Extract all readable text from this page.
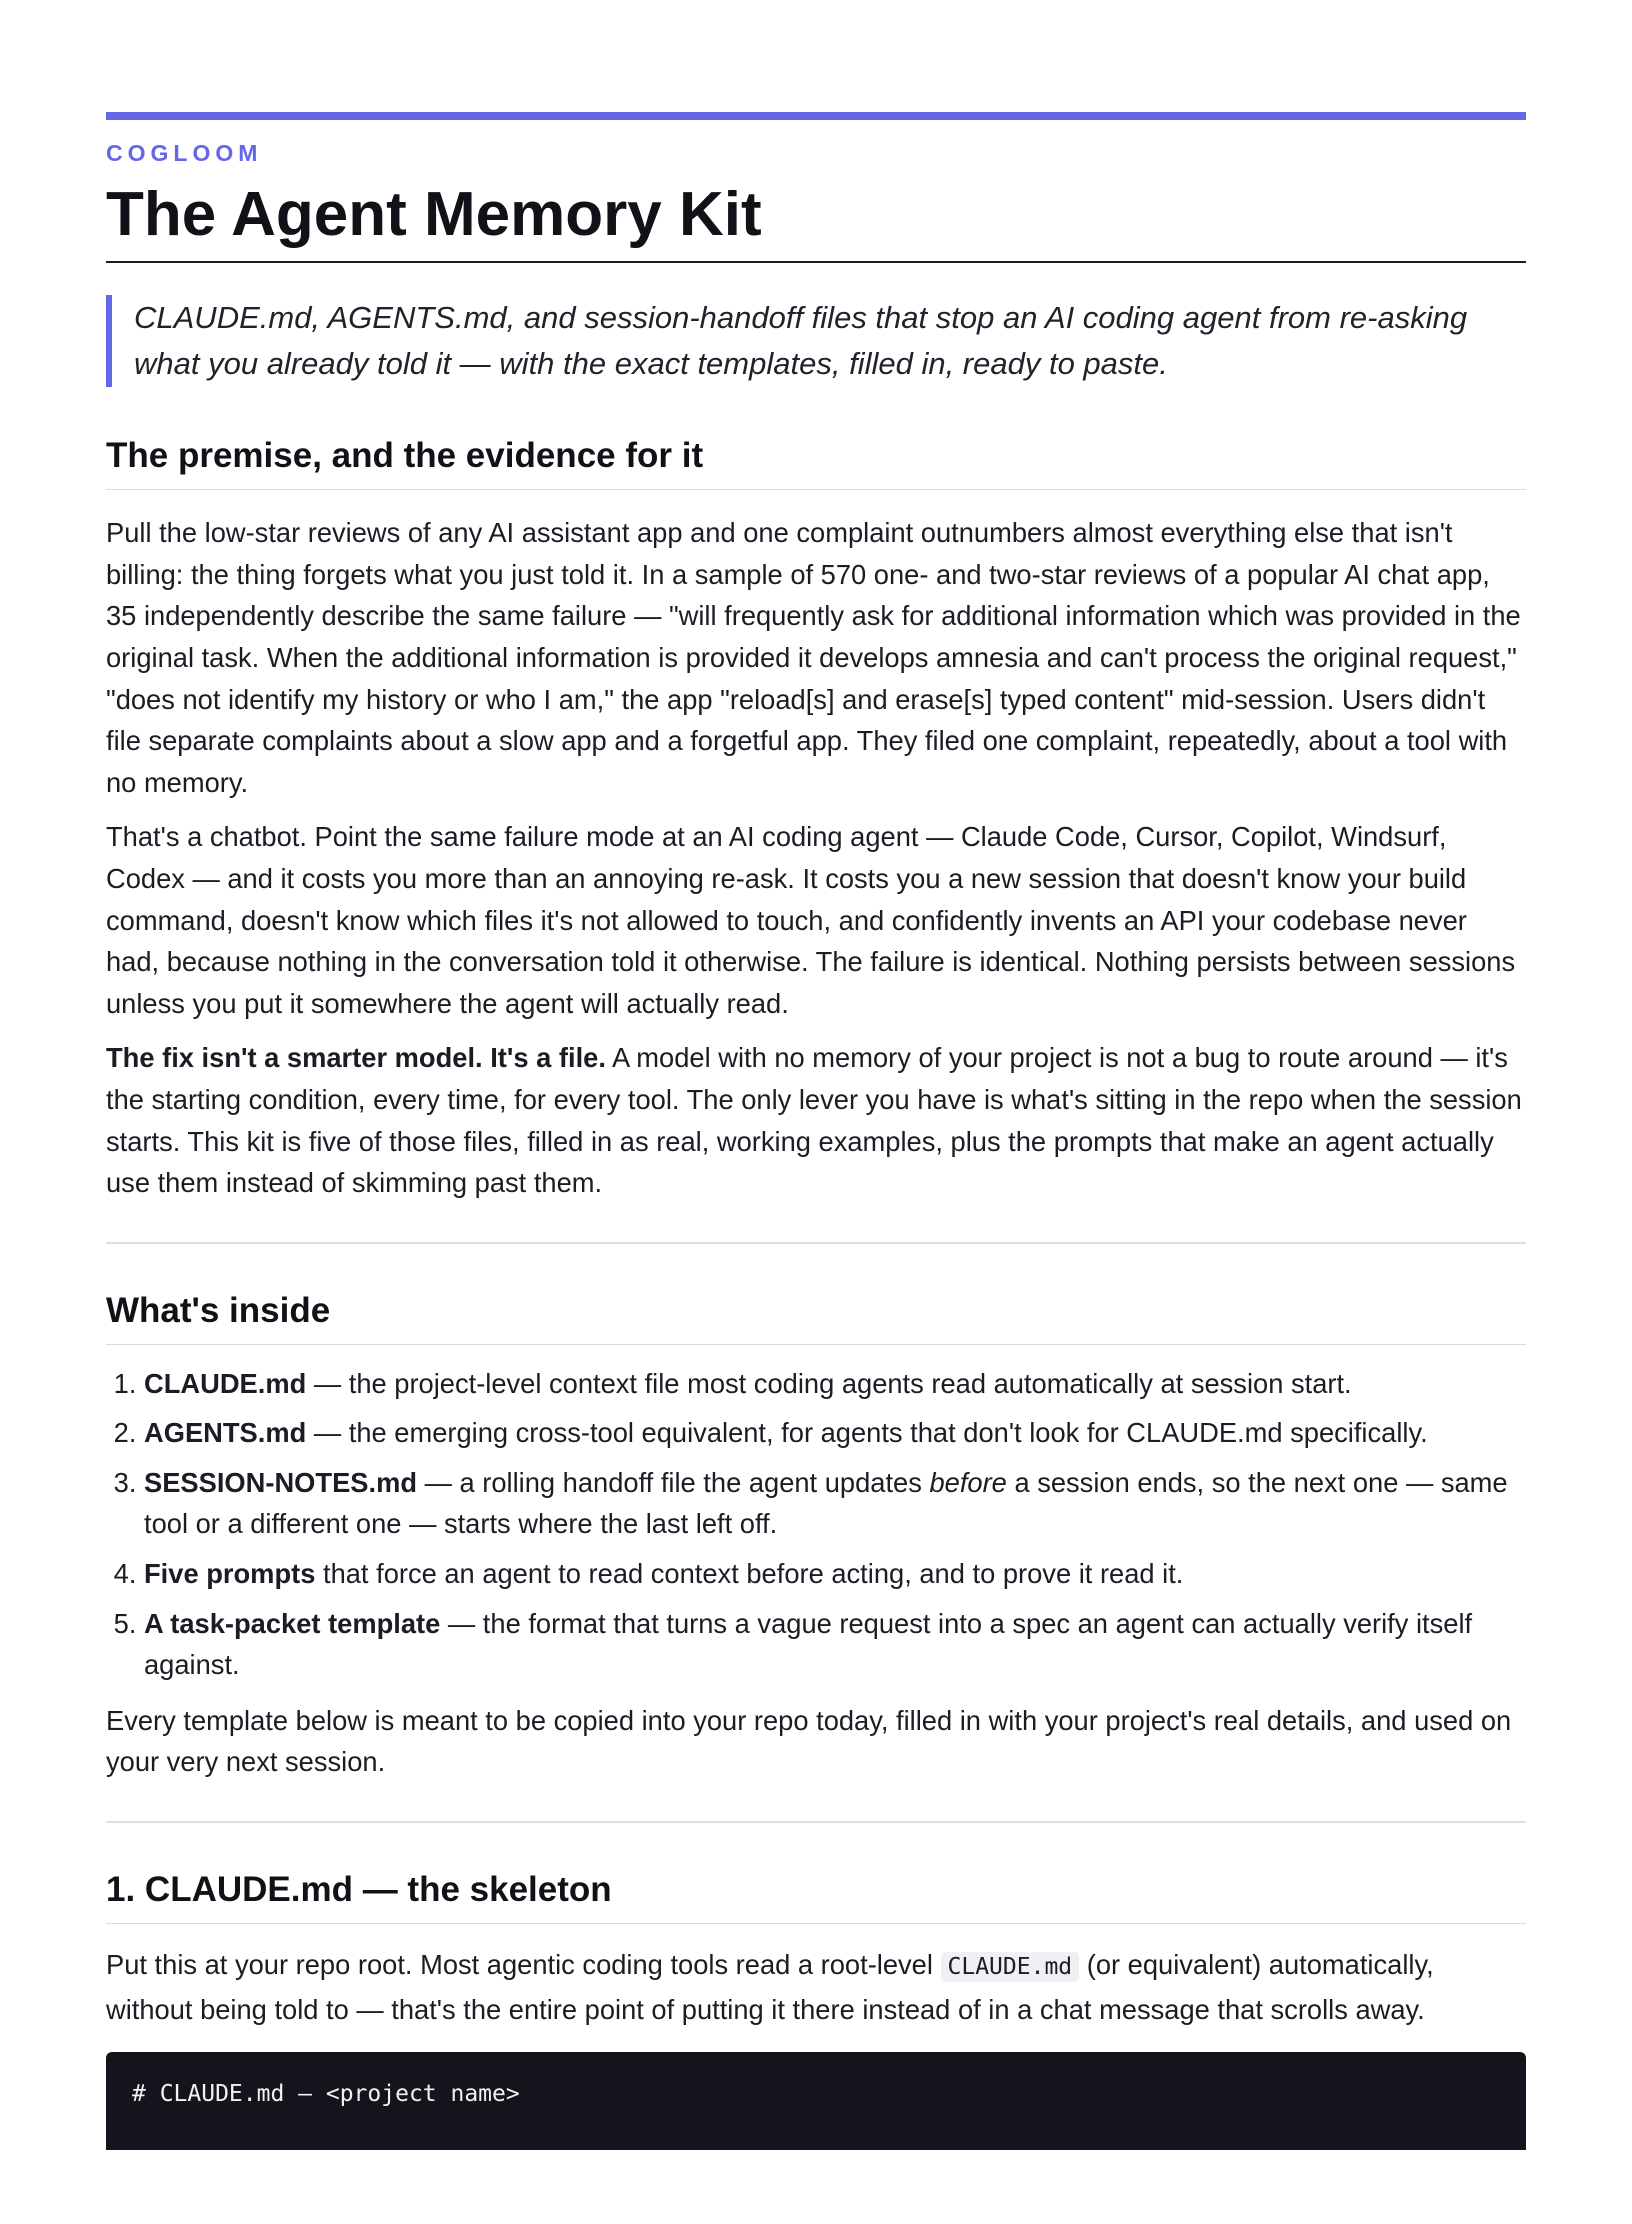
COGLOOM
The Agent Memory Kit
CLAUDE.md, AGENTS.md, and session-handoff files that stop an AI coding agent from re-asking what you already told it — with the exact templates, filled in, ready to paste.
The premise, and the evidence for it

Pull the low-star reviews of any AI assistant app and one complaint outnumbers almost everything else that isn't billing: the thing forgets what you just told it. In a sample of 570 one- and two-star reviews of a popular AI chat app, 35 independently describe the same failure — "will frequently ask for additional information which was provided in the original task. When the additional information is provided it develops amnesia and can't process the original request," "does not identify my history or who I am," the app "reload[s] and erase[s] typed content" mid-session. Users didn't file separate complaints about a slow app and a forgetful app. They filed one complaint, repeatedly, about a tool with no memory.

That's a chatbot. Point the same failure mode at an AI coding agent — Claude Code, Cursor, Copilot, Windsurf, Codex — and it costs you more than an annoying re-ask. It costs you a new session that doesn't know your build command, doesn't know which files it's not allowed to touch, and confidently invents an API your codebase never had, because nothing in the conversation told it otherwise. The failure is identical. Nothing persists between sessions unless you put it somewhere the agent will actually read.

The fix isn't a smarter model. It's a file. A model with no memory of your project is not a bug to route around — it's the starting condition, every time, for every tool. The only lever you have is what's sitting in the repo when the session starts. This kit is five of those files, filled in as real, working examples, plus the prompts that make an agent actually use them instead of skimming past them.

What's inside
1. CLAUDE.md — the project-level context file most coding agents read automatically at session start.
2. AGENTS.md — the emerging cross-tool equivalent, for agents that don't look for CLAUDE.md specifically.
3. SESSION-NOTES.md — a rolling handoff file the agent updates before a session ends, so the next one — same tool or a different one — starts where the last left off.
4. Five prompts that force an agent to read context before acting, and to prove it read it.
5. A task-packet template — the format that turns a vague request into a spec an agent can actually verify itself against.

Every template below is meant to be copied into your repo today, filled in with your project's real details, and used on your very next session.

1. CLAUDE.md — the skeleton

Put this at your repo root. Most agentic coding tools read a root-level CLAUDE.md (or equivalent) automatically, without being told to — that's the entire point of putting it there instead of in a chat message that scrolls away.

# CLAUDE.md — <project name>
